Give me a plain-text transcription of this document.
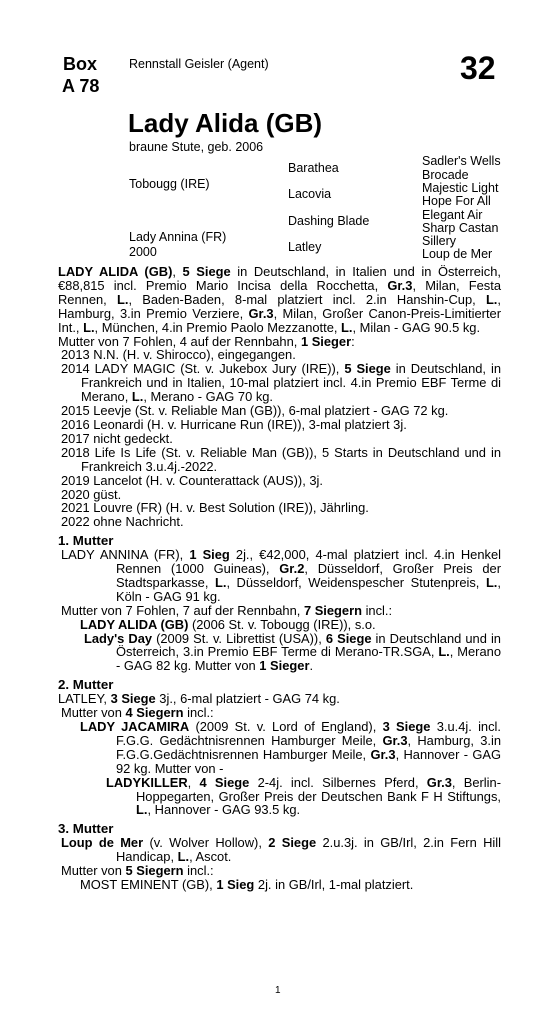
Box
A 78
Rennstall Geisler (Agent)	32
Lady Alida (GB)
braune Stute, geb. 2006
Tobougg (IRE)
Lady Annina (FR)
2000
Barathea
Lacovia
Dashing Blade
Latley
Sadler's Wells
Brocade
Majestic Light
Hope For All
Elegant Air
Sharp Castan
Sillery
Loup de Mer

LADY ALIDA (GB), 5 Siege in Deutschland, in Italien und in Österreich, €88,815 incl. Premio Mario Incisa della Rocchetta, Gr.3, Milan, Festa Rennen, L., Baden-Baden, 8-mal platziert incl. 2.in Hanshin-Cup, L., Hamburg, 3.in Premio Verziere, Gr.3, Milan, Großer Canon-Preis-Limitierter Int., L., München, 4.in Premio Paolo Mezzanotte, L., Milan - GAG 90.5 kg.

Mutter von 7 Fohlen, 4 auf der Rennbahn, 1 Sieger:

2013 N.N. (H. v. Shirocco), eingegangen.

2014 LADY MAGIC (St. v. Jukebox Jury (IRE)), 5 Siege in Deutschland, in Frankreich und in Italien, 10-mal platziert incl. 4.in Premio EBF Terme di Merano, L., Merano - GAG 70 kg.

2015 Leevje (St. v. Reliable Man (GB)), 6-mal platziert - GAG 72 kg.

2016 Leonardi (H. v. Hurricane Run (IRE)), 3-mal platziert 3j.

2017 nicht gedeckt.

2018 Life Is Life (St. v. Reliable Man (GB)), 5 Starts in Deutschland und in Frankreich 3.u.4j.-2022.

2019 Lancelot (H. v. Counterattack (AUS)), 3j.

2020 güst.

2021 Louvre (FR) (H. v. Best Solution (IRE)), Jährling.

2022 ohne Nachricht.

1. Mutter

LADY ANNINA (FR), 1 Sieg 2j., €42,000, 4-mal platziert incl. 4.in Henkel Rennen (1000 Guineas), Gr.2, Düsseldorf, Großer Preis der Stadtsparkasse, L., Düsseldorf, Weidenspescher Stutenpreis, L., Köln - GAG 91 kg.

Mutter von 7 Fohlen, 7 auf der Rennbahn, 7 Siegern incl.:

LADY ALIDA (GB) (2006 St. v. Tobougg (IRE)), s.o.

Lady's Day (2009 St. v. Librettist (USA)), 6 Siege in Deutschland und in Österreich, 3.in Premio EBF Terme di Merano-TR.SGA, L., Merano - GAG 82 kg. Mutter von 1 Sieger.

2. Mutter

LATLEY, 3 Siege 3j., 6-mal platziert - GAG 74 kg.

Mutter von 4 Siegern incl.:

LADY JACAMIRA (2009 St. v. Lord of England), 3 Siege 3.u.4j. incl. F.G.G. Gedächtnisrennen Hamburger Meile, Gr.3, Hamburg, 3.in F.G.G.Gedächtnisrennen Hamburger Meile, Gr.3, Hannover - GAG 92 kg. Mutter von -

LADYKILLER, 4 Siege 2-4j. incl. Silbernes Pferd, Gr.3, Berlin-Hoppegarten, Großer Preis der Deutschen Bank F H Stiftungs, L., Hannover - GAG 93.5 kg.

3. Mutter

Loup de Mer (v. Wolver Hollow), 2 Siege 2.u.3j. in GB/Irl, 2.in Fern Hill Handicap, L., Ascot.

Mutter von 5 Siegern incl.:

MOST EMINENT (GB), 1 Sieg 2j. in GB/Irl, 1-mal platziert.

1
